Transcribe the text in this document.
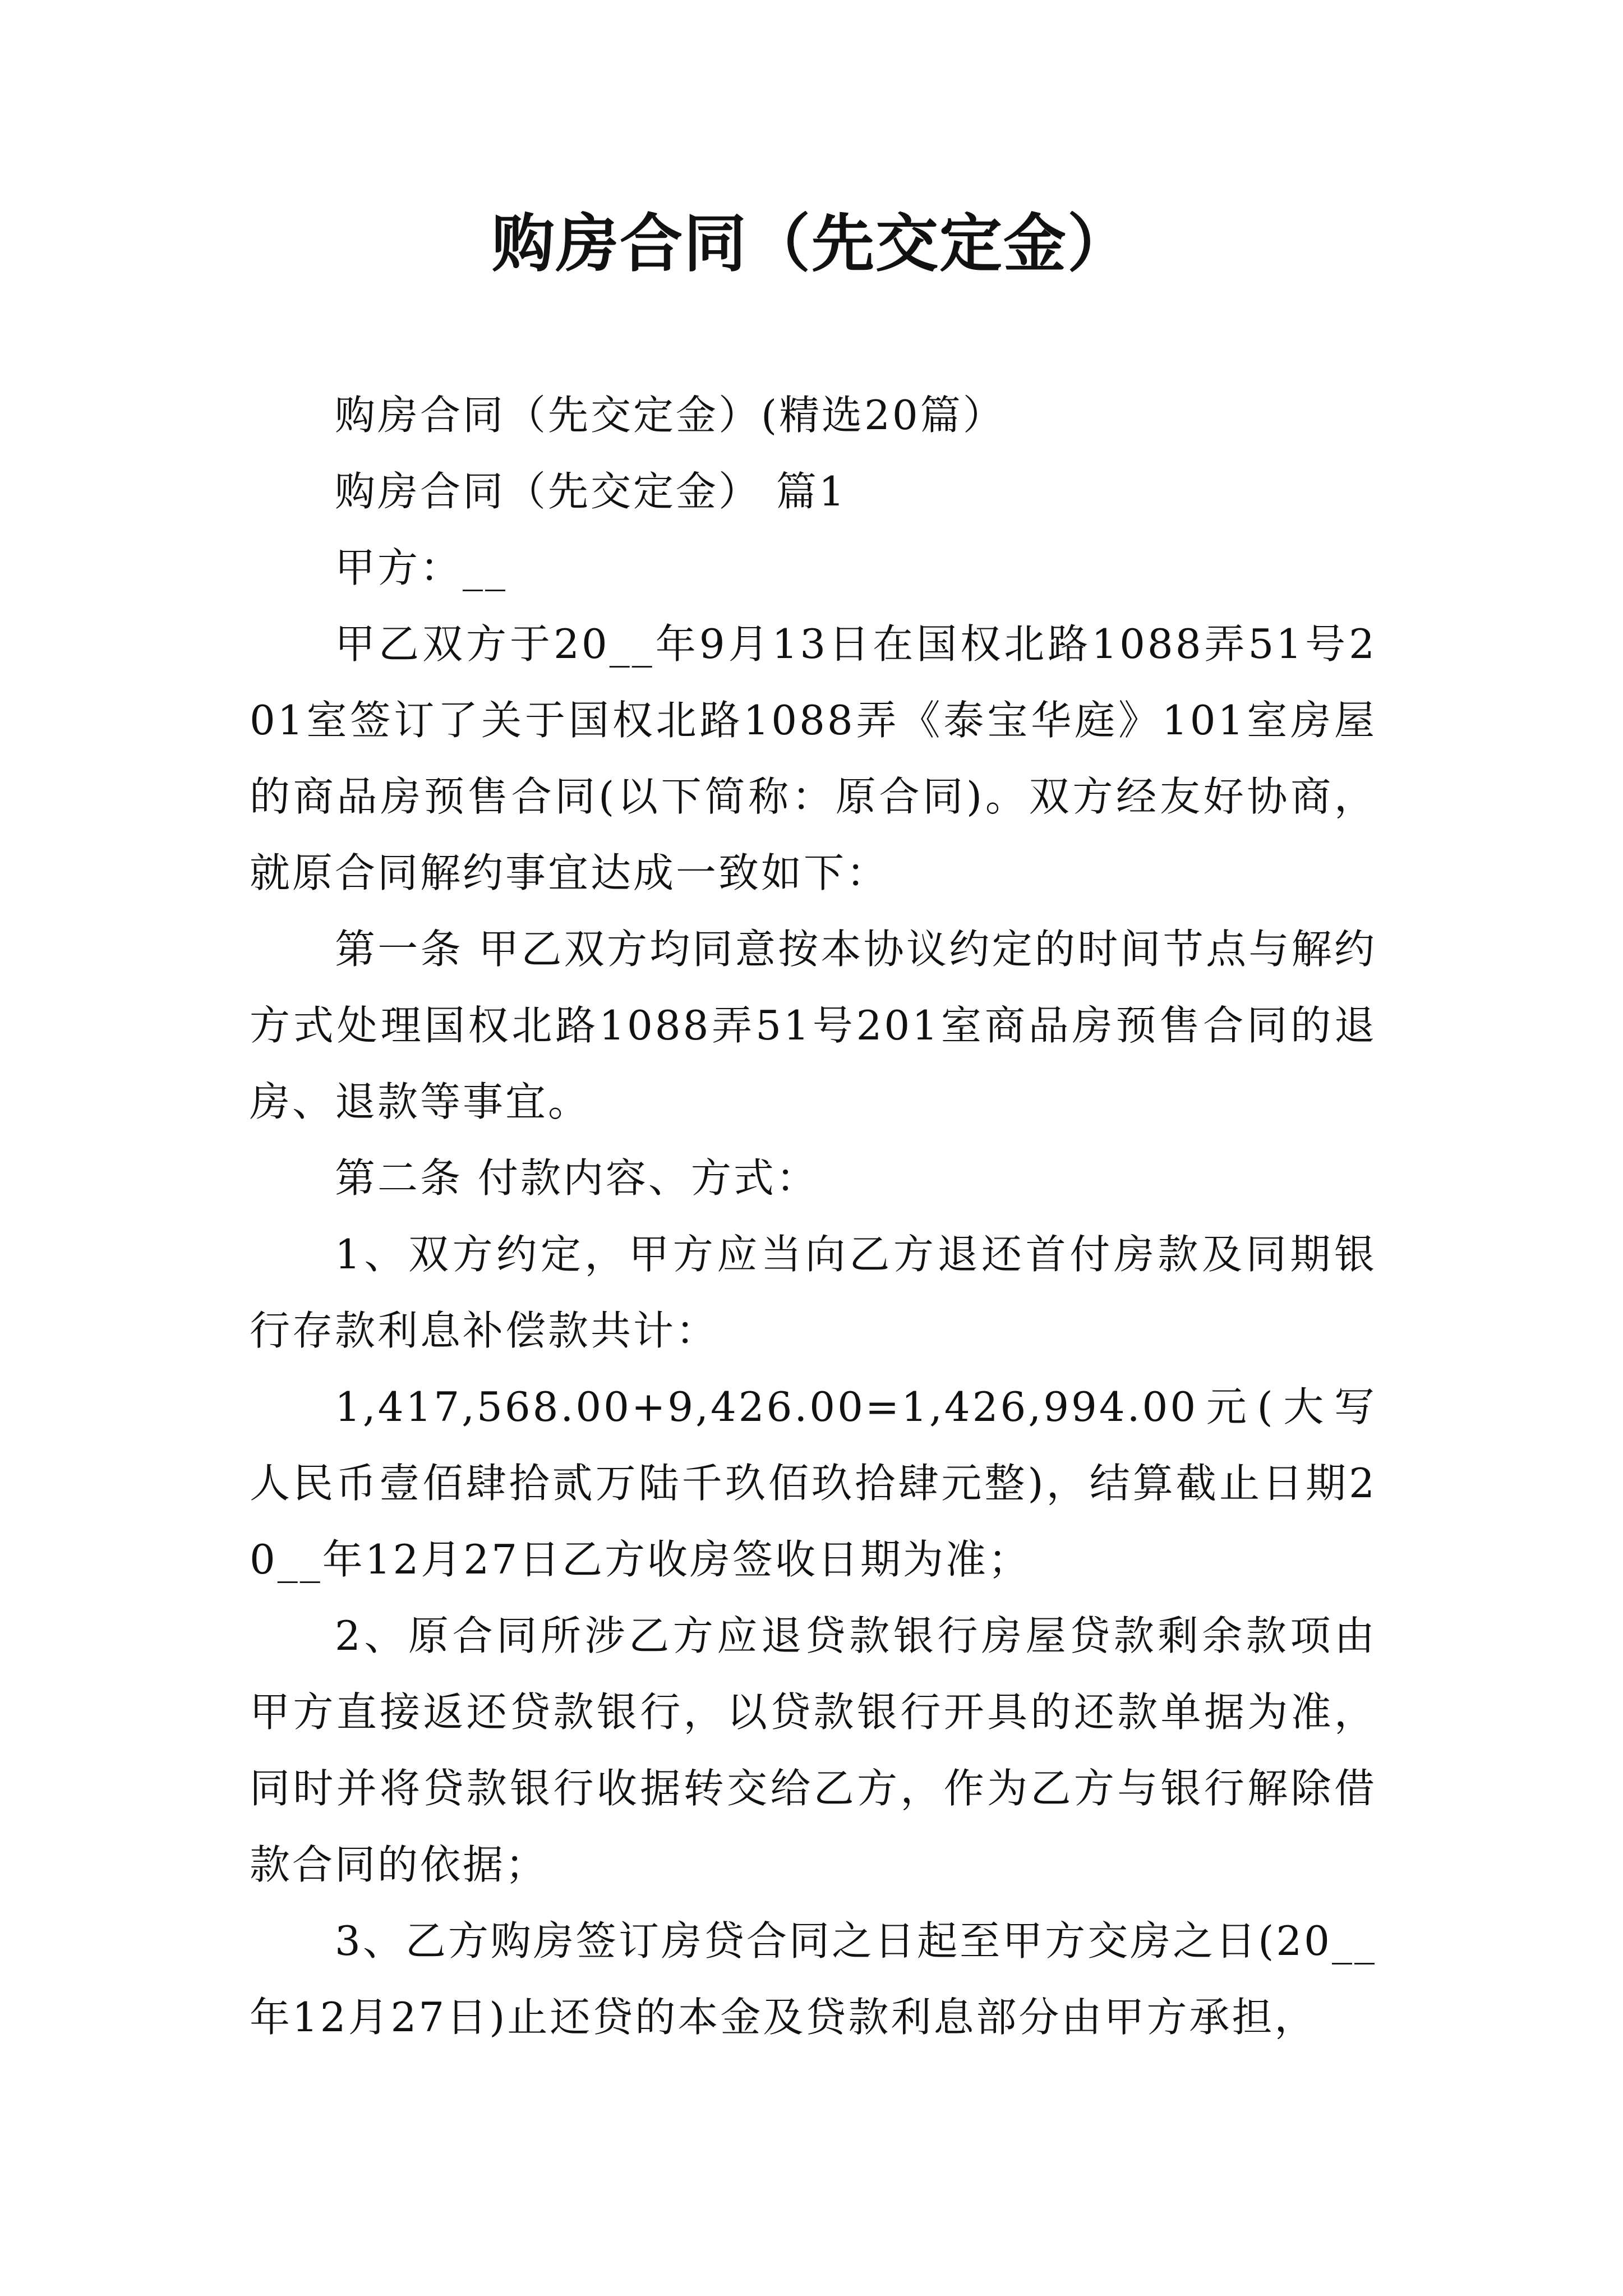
购房合同（先交定金）

购房合同（先交定金）(精选20篇）

购房合同（先交定金） 篇1

甲方：__

甲乙双方于20__年9月13日在国权北路1088弄51号201室签订了关于国权北路1088弄《泰宝华庭》101室房屋的商品房预售合同(以下简称：原合同)。双方经友好协商，就原合同解约事宜达成一致如下：

第一条 甲乙双方均同意按本协议约定的时间节点与解约方式处理国权北路1088弄51号201室商品房预售合同的退房、退款等事宜。

第二条 付款内容、方式：

1、双方约定，甲方应当向乙方退还首付房款及同期银行存款利息补偿款共计：

1,417,568.00+9,426.00=1,426,994.00元(大写人民币壹佰肆拾贰万陆千玖佰玖拾肆元整)，结算截止日期20__年12月27日乙方收房签收日期为准；

2、原合同所涉乙方应退贷款银行房屋贷款剩余款项由甲方直接返还贷款银行，以贷款银行开具的还款单据为准，同时并将贷款银行收据转交给乙方，作为乙方与银行解除借款合同的依据；

3、乙方购房签订房贷合同之日起至甲方交房之日(20__年12月27日)止还贷的本金及贷款利息部分由甲方承担，
